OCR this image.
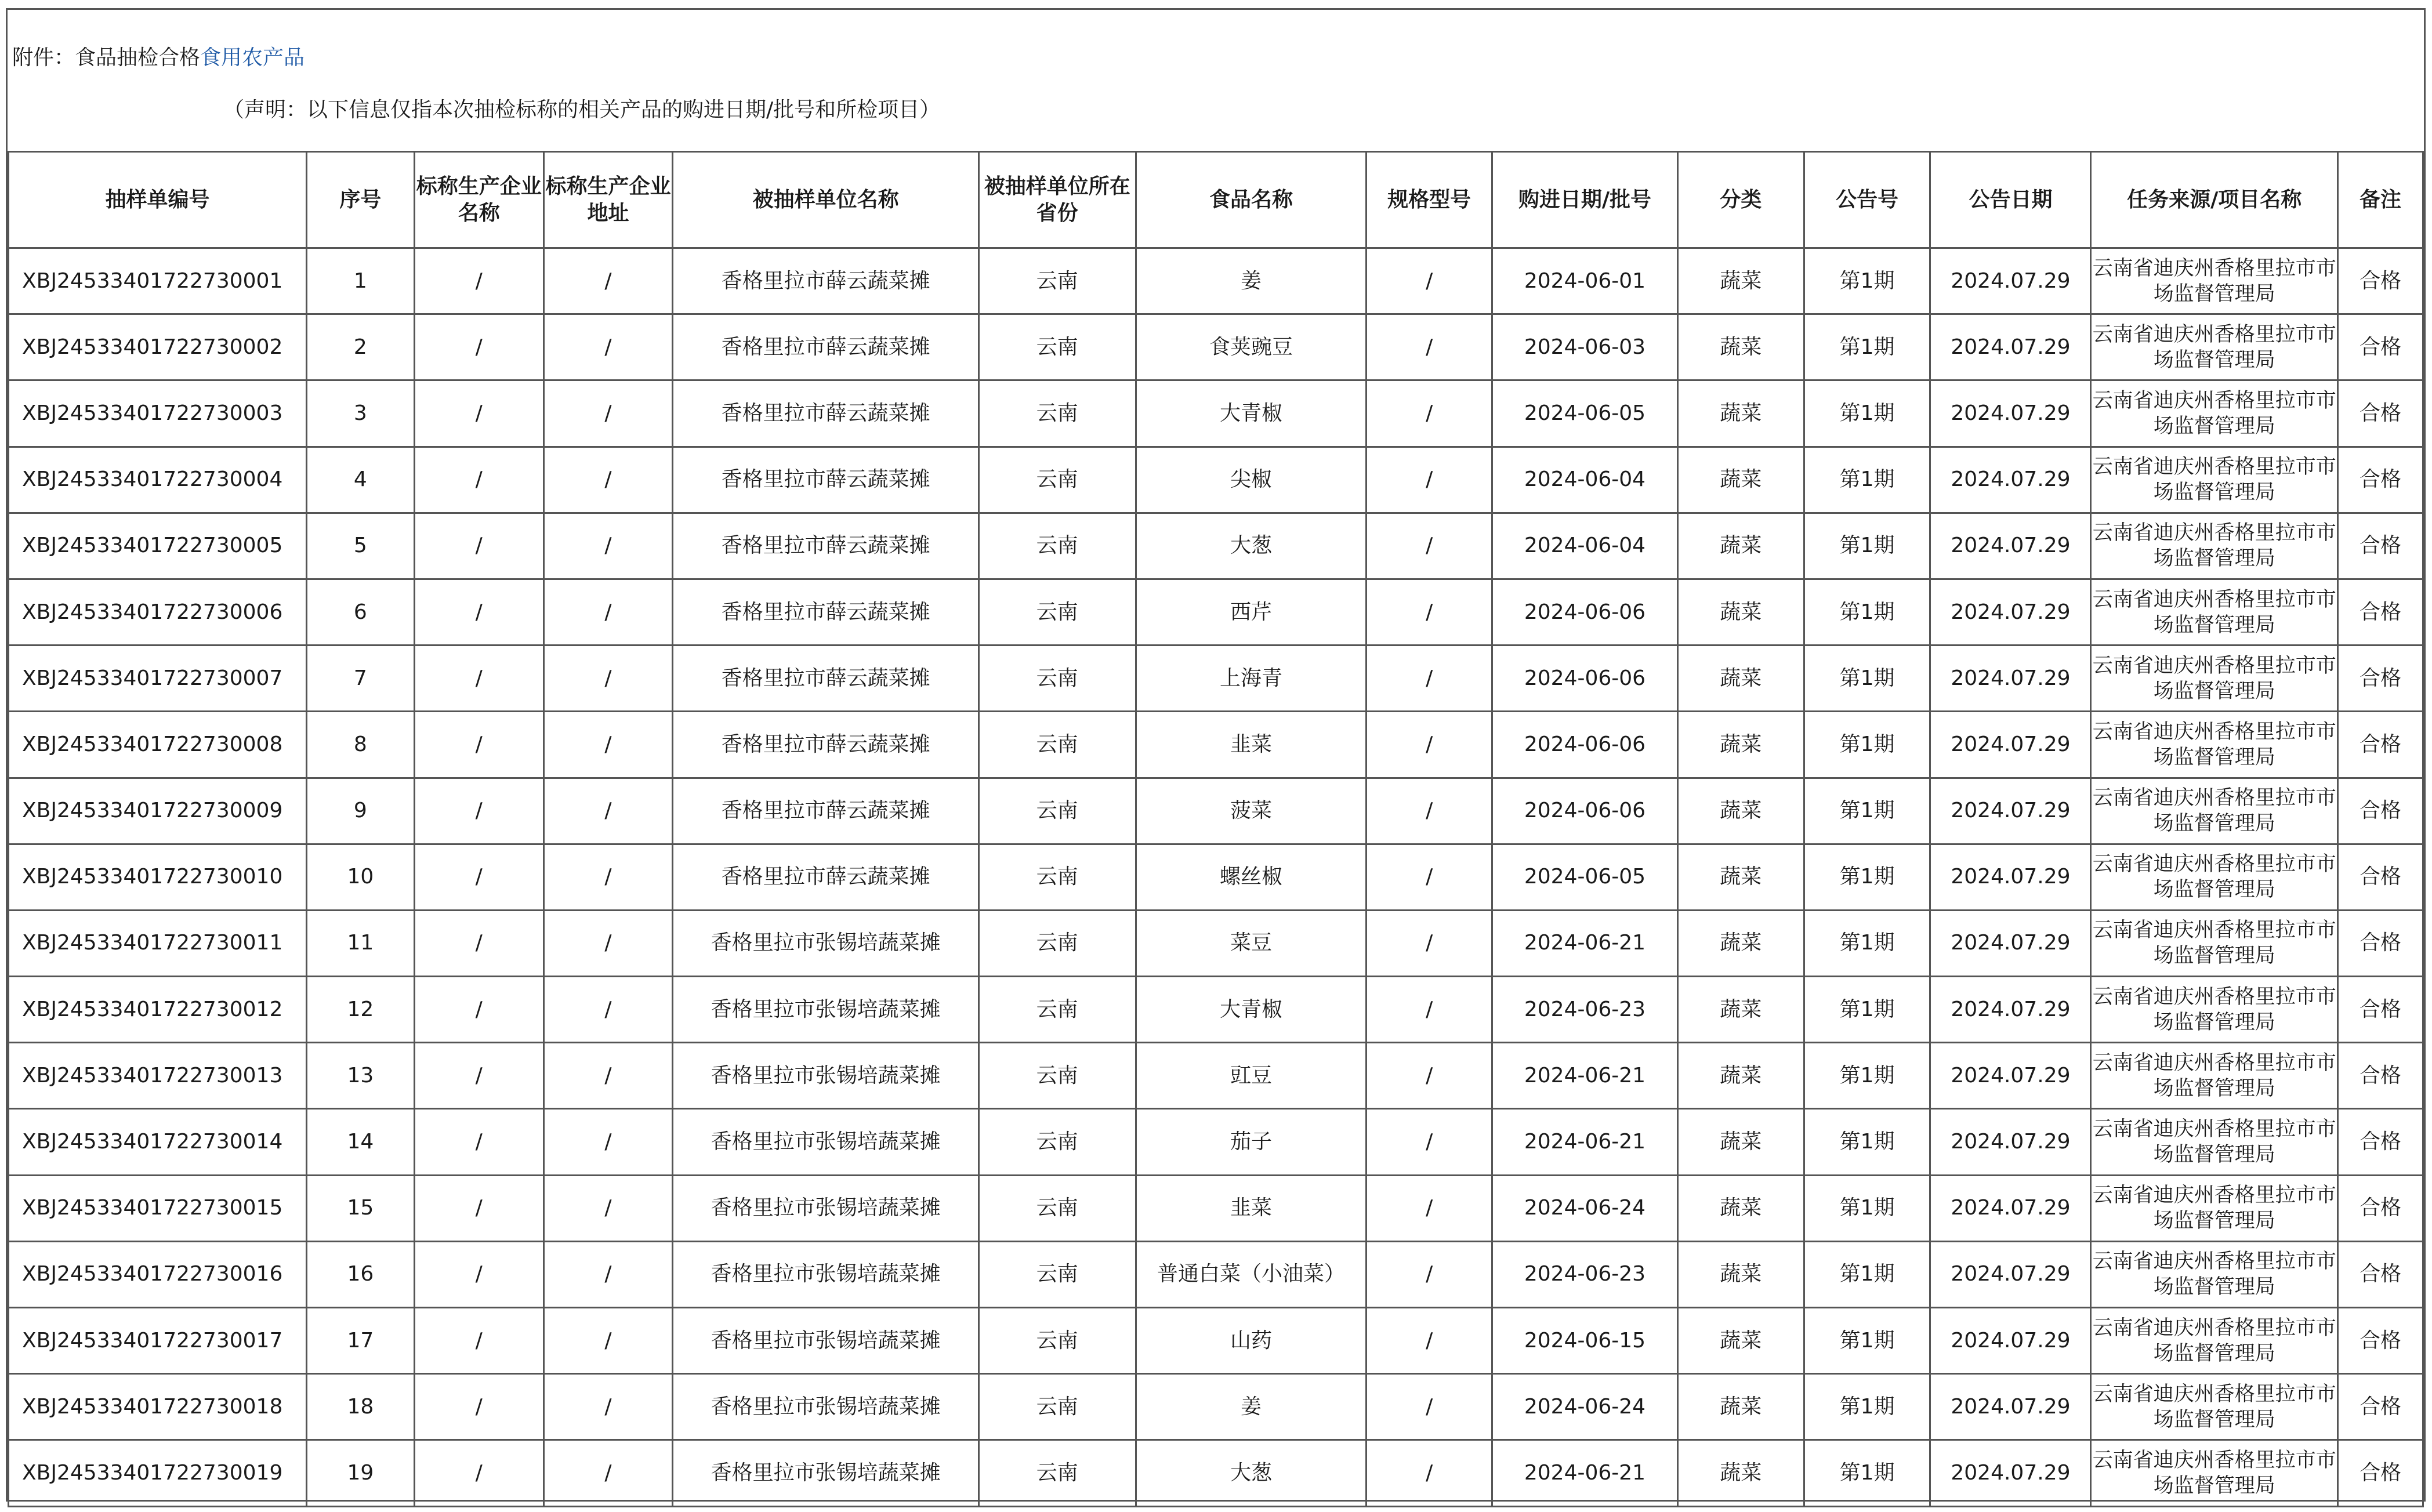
附件：食品抽检合格食用农产品
（声明：以下信息仅指本次抽检标称的相关产品的购进日期/批号和所检项目）
抽样单编号	序号	标称生产企业名称	标称生产企业地址	被抽样单位名称	被抽样单位所在省份	食品名称	规格型号	购进日期/批号	分类	公告号	公告日期	任务来源/项目名称	备注
XBJ24533401722730001	1	/	/	香格里拉市薛云蔬菜摊	云南	姜	/	2024-06-01	蔬菜	第1期	2024.07.29	云南省迪庆州香格里拉市市场监督管理局	合格
XBJ24533401722730002	2	/	/	香格里拉市薛云蔬菜摊	云南	食荚豌豆	/	2024-06-03	蔬菜	第1期	2024.07.29	云南省迪庆州香格里拉市市场监督管理局	合格
XBJ24533401722730003	3	/	/	香格里拉市薛云蔬菜摊	云南	大青椒	/	2024-06-05	蔬菜	第1期	2024.07.29	云南省迪庆州香格里拉市市场监督管理局	合格
XBJ24533401722730004	4	/	/	香格里拉市薛云蔬菜摊	云南	尖椒	/	2024-06-04	蔬菜	第1期	2024.07.29	云南省迪庆州香格里拉市市场监督管理局	合格
XBJ24533401722730005	5	/	/	香格里拉市薛云蔬菜摊	云南	大葱	/	2024-06-04	蔬菜	第1期	2024.07.29	云南省迪庆州香格里拉市市场监督管理局	合格
XBJ24533401722730006	6	/	/	香格里拉市薛云蔬菜摊	云南	西芹	/	2024-06-06	蔬菜	第1期	2024.07.29	云南省迪庆州香格里拉市市场监督管理局	合格
XBJ24533401722730007	7	/	/	香格里拉市薛云蔬菜摊	云南	上海青	/	2024-06-06	蔬菜	第1期	2024.07.29	云南省迪庆州香格里拉市市场监督管理局	合格
XBJ24533401722730008	8	/	/	香格里拉市薛云蔬菜摊	云南	韭菜	/	2024-06-06	蔬菜	第1期	2024.07.29	云南省迪庆州香格里拉市市场监督管理局	合格
XBJ24533401722730009	9	/	/	香格里拉市薛云蔬菜摊	云南	菠菜	/	2024-06-06	蔬菜	第1期	2024.07.29	云南省迪庆州香格里拉市市场监督管理局	合格
XBJ24533401722730010	10	/	/	香格里拉市薛云蔬菜摊	云南	螺丝椒	/	2024-06-05	蔬菜	第1期	2024.07.29	云南省迪庆州香格里拉市市场监督管理局	合格
XBJ24533401722730011	11	/	/	香格里拉市张锡培蔬菜摊	云南	菜豆	/	2024-06-21	蔬菜	第1期	2024.07.29	云南省迪庆州香格里拉市市场监督管理局	合格
XBJ24533401722730012	12	/	/	香格里拉市张锡培蔬菜摊	云南	大青椒	/	2024-06-23	蔬菜	第1期	2024.07.29	云南省迪庆州香格里拉市市场监督管理局	合格
XBJ24533401722730013	13	/	/	香格里拉市张锡培蔬菜摊	云南	豇豆	/	2024-06-21	蔬菜	第1期	2024.07.29	云南省迪庆州香格里拉市市场监督管理局	合格
XBJ24533401722730014	14	/	/	香格里拉市张锡培蔬菜摊	云南	茄子	/	2024-06-21	蔬菜	第1期	2024.07.29	云南省迪庆州香格里拉市市场监督管理局	合格
XBJ24533401722730015	15	/	/	香格里拉市张锡培蔬菜摊	云南	韭菜	/	2024-06-24	蔬菜	第1期	2024.07.29	云南省迪庆州香格里拉市市场监督管理局	合格
XBJ24533401722730016	16	/	/	香格里拉市张锡培蔬菜摊	云南	普通白菜（小油菜）	/	2024-06-23	蔬菜	第1期	2024.07.29	云南省迪庆州香格里拉市市场监督管理局	合格
XBJ24533401722730017	17	/	/	香格里拉市张锡培蔬菜摊	云南	山药	/	2024-06-15	蔬菜	第1期	2024.07.29	云南省迪庆州香格里拉市市场监督管理局	合格
XBJ24533401722730018	18	/	/	香格里拉市张锡培蔬菜摊	云南	姜	/	2024-06-24	蔬菜	第1期	2024.07.29	云南省迪庆州香格里拉市市场监督管理局	合格
XBJ24533401722730019	19	/	/	香格里拉市张锡培蔬菜摊	云南	大葱	/	2024-06-21	蔬菜	第1期	2024.07.29	云南省迪庆州香格里拉市市场监督管理局	合格
